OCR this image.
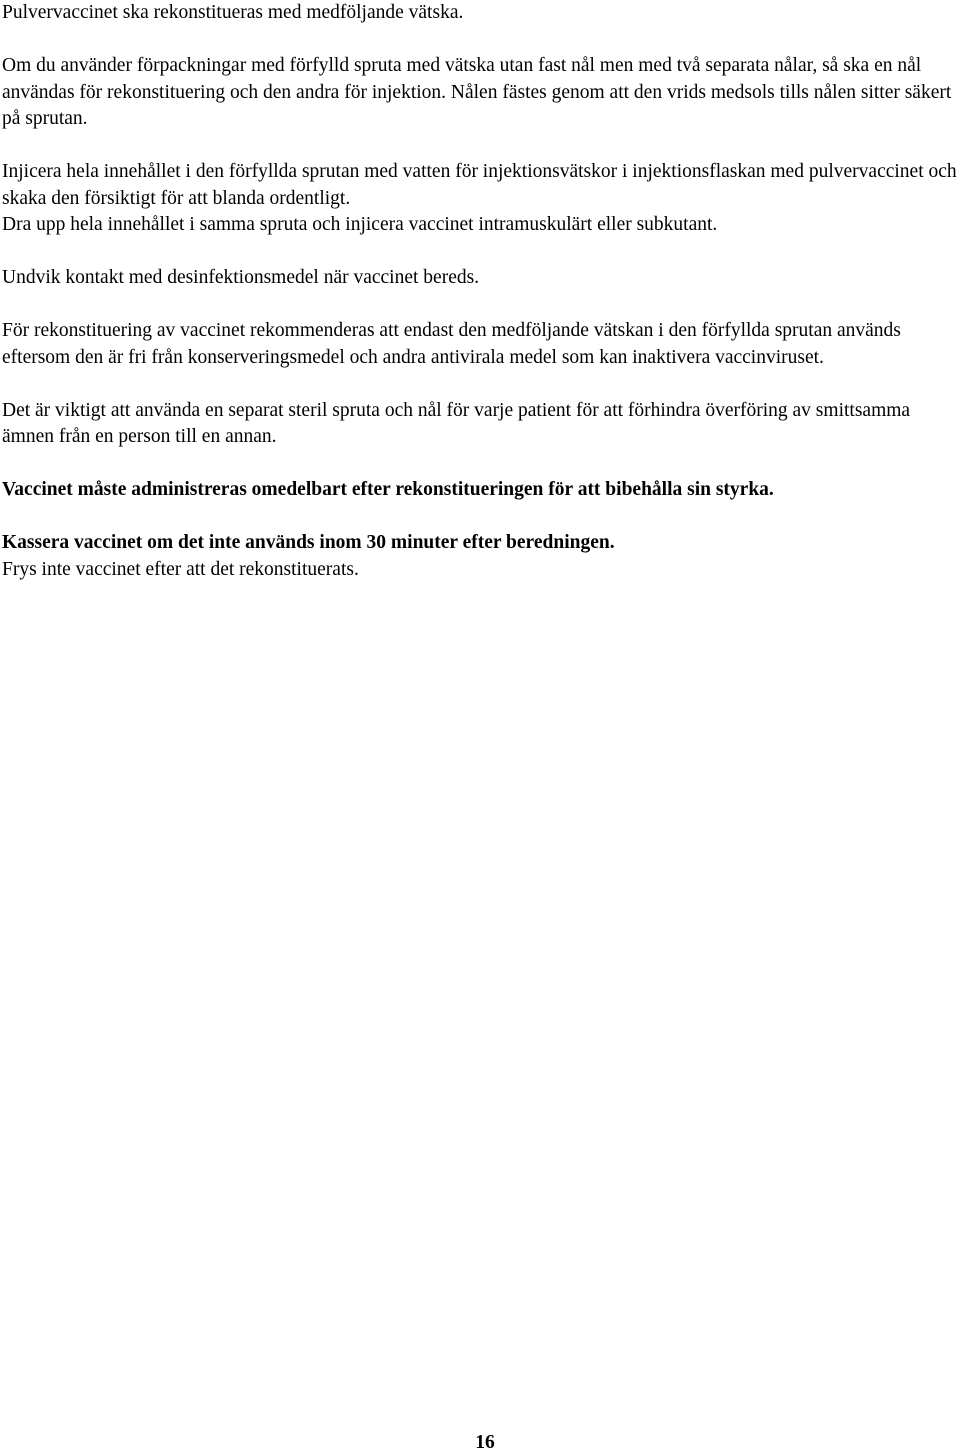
Pulvervaccinet ska rekonstitueras med medföljande vätska.

Om du använder förpackningar med förfylld spruta med vätska utan fast nål men med två separata nålar, så ska en nål användas för rekonstituering och den andra för injektion. Nålen fästes genom att den vrids medsols tills nålen sitter säkert på sprutan.

Injicera hela innehållet i den förfyllda sprutan med vatten för injektionsvätskor i injektionsflaskan med pulvervaccinet och skaka den försiktigt för att blanda ordentligt.

Dra upp hela innehållet i samma spruta och injicera vaccinet intramuskulärt eller subkutant.

Undvik kontakt med desinfektionsmedel när vaccinet bereds.

För rekonstituering av vaccinet rekommenderas att endast den medföljande vätskan i den förfyllda sprutan används eftersom den är fri från konserveringsmedel och andra antivirala medel som kan inaktivera vaccinviruset.

Det är viktigt att använda en separat steril spruta och nål för varje patient för att förhindra överföring av smittsamma ämnen från en person till en annan.

Vaccinet måste administreras omedelbart efter rekonstitueringen för att bibehålla sin styrka.

Kassera vaccinet om det inte används inom 30 minuter efter beredningen.

Frys inte vaccinet efter att det rekonstituerats.

16
